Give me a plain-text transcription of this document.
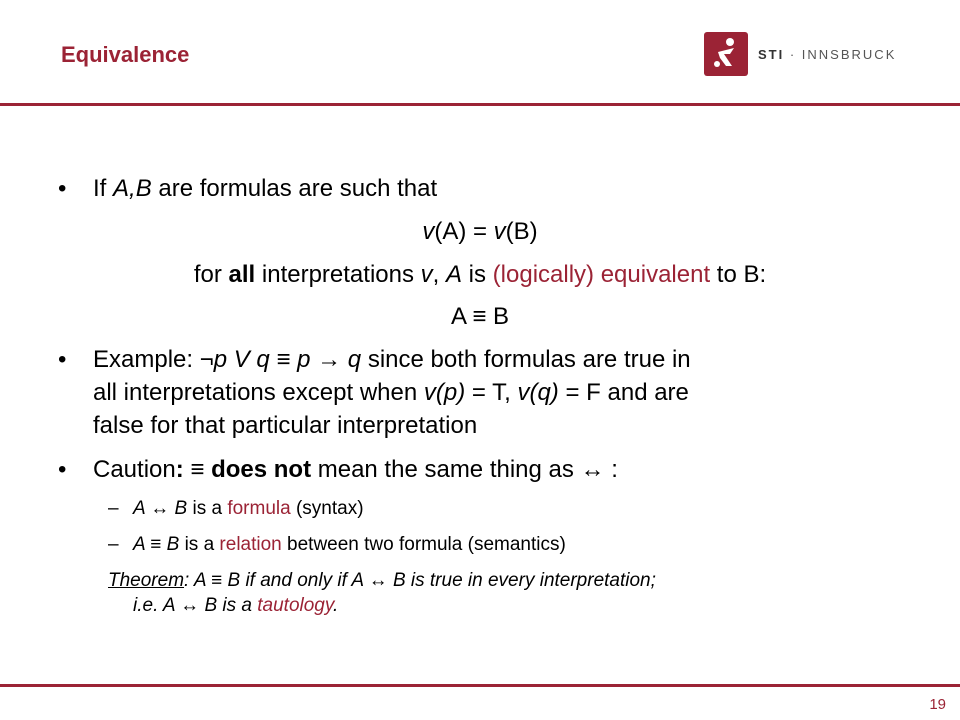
Equivalence	STI · INNSBRUCK
• If A,B are formulas are such that
v(A) = v(B)
for all interpretations v, A is (logically) equivalent to B:
A ≡ B
• Example: ¬p V q ≡ p → q since both formulas are true in
all interpretations except when v(p) = T, v(q) = F and are
false for that particular interpretation
• Caution: ≡ does not mean the same thing as ↔ :
– A ↔ B is a formula (syntax)
– A ≡ B is a relation between two formula (semantics)
Theorem: A ≡ B if and only if A ↔ B is true in every interpretation;
i.e. A ↔ B is a tautology.
19
